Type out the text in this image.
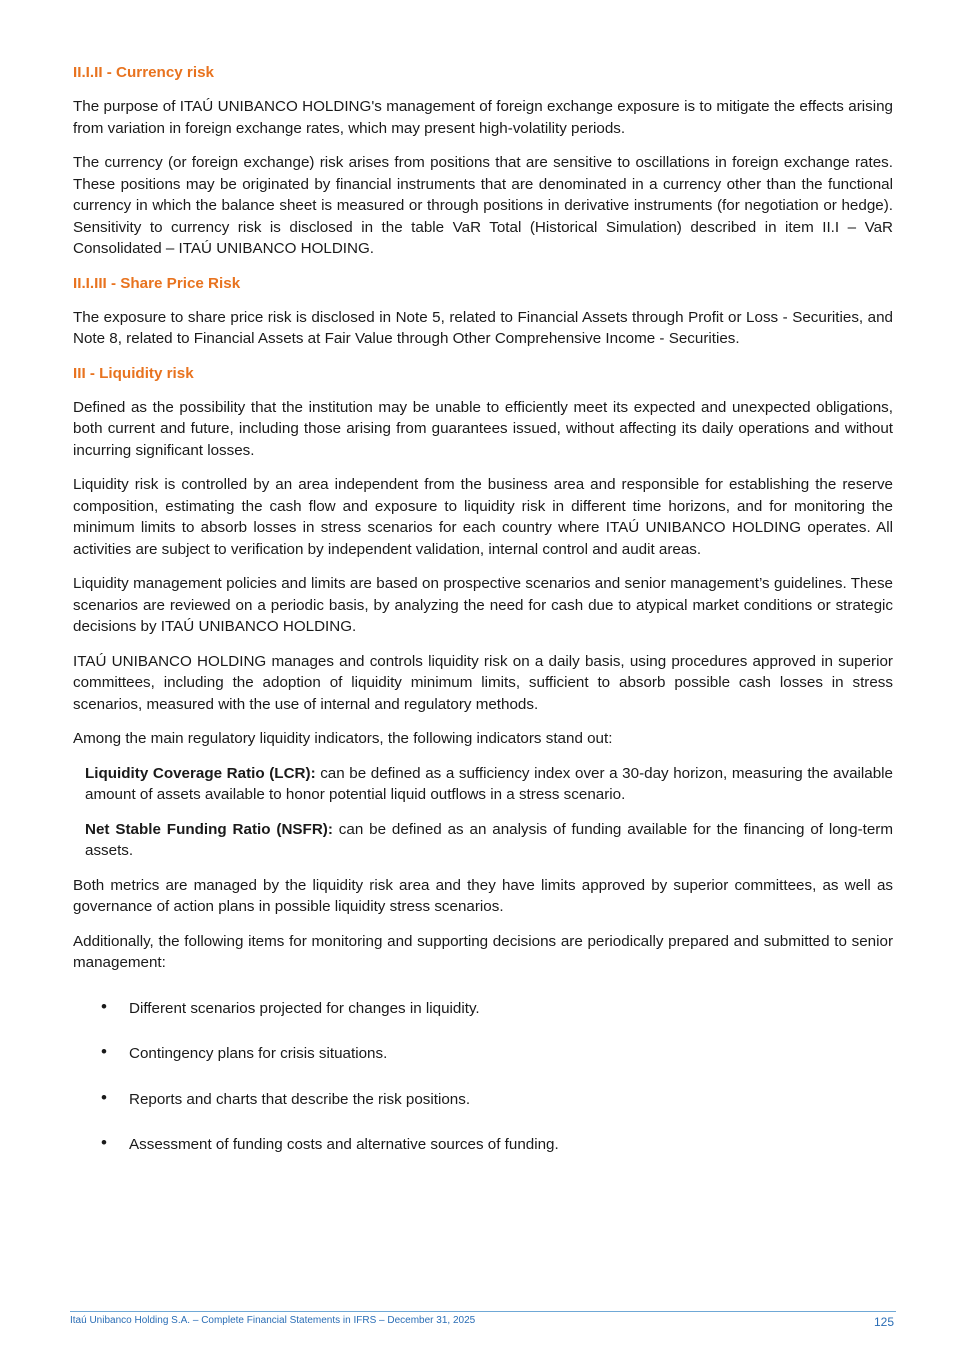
II.I.II - Currency risk

The purpose of ITAÚ UNIBANCO HOLDING's management of foreign exchange exposure is to mitigate the effects arising from variation in foreign exchange rates, which may present high-volatility periods.

The currency (or foreign exchange) risk arises from positions that are sensitive to oscillations in foreign exchange rates. These positions may be originated by financial instruments that are denominated in a currency other than the functional currency in which the balance sheet is measured or through positions in derivative instruments (for negotiation or hedge). Sensitivity to currency risk is disclosed in the table VaR Total (Historical Simulation) described in item II.I – VaR Consolidated – ITAÚ UNIBANCO HOLDING.

II.I.III - Share Price Risk

The exposure to share price risk is disclosed in Note 5, related to Financial Assets through Profit or Loss - Securities, and Note 8, related to Financial Assets at Fair Value through Other Comprehensive Income - Securities.

III - Liquidity risk

Defined as the possibility that the institution may be unable to efficiently meet its expected and unexpected obligations, both current and future, including those arising from guarantees issued, without affecting its daily operations and without incurring significant losses.

Liquidity risk is controlled by an area independent from the business area and responsible for establishing the reserve composition, estimating the cash flow and exposure to liquidity risk in different time horizons, and for monitoring the minimum limits to absorb losses in stress scenarios for each country where ITAÚ UNIBANCO HOLDING operates. All activities are subject to verification by independent validation, internal control and audit areas.

Liquidity management policies and limits are based on prospective scenarios and senior management’s guidelines. These scenarios are reviewed on a periodic basis, by analyzing the need for cash due to atypical market conditions or strategic decisions by ITAÚ UNIBANCO HOLDING.

ITAÚ UNIBANCO HOLDING manages and controls liquidity risk on a daily basis, using procedures approved in superior committees, including the adoption of liquidity minimum limits, sufficient to absorb possible cash losses in stress scenarios, measured with the use of internal and regulatory methods.

Among the main regulatory liquidity indicators, the following indicators stand out:

Liquidity Coverage Ratio (LCR): can be defined as a sufficiency index over a 30-day horizon, measuring the available amount of assets available to honor potential liquid outflows in a stress scenario.

Net Stable Funding Ratio (NSFR): can be defined as an analysis of funding available for the financing of long-term assets.

Both metrics are managed by the liquidity risk area and they have limits approved by superior committees, as well as governance of action plans in possible liquidity stress scenarios.

Additionally, the following items for monitoring and supporting decisions are periodically prepared and submitted to senior management:

• Different scenarios projected for changes in liquidity.
• Contingency plans for crisis situations.
• Reports and charts that describe the risk positions.
• Assessment of funding costs and alternative sources of funding.
Itaú Unibanco Holding S.A. – Complete Financial Statements in IFRS – December 31, 2025	125
